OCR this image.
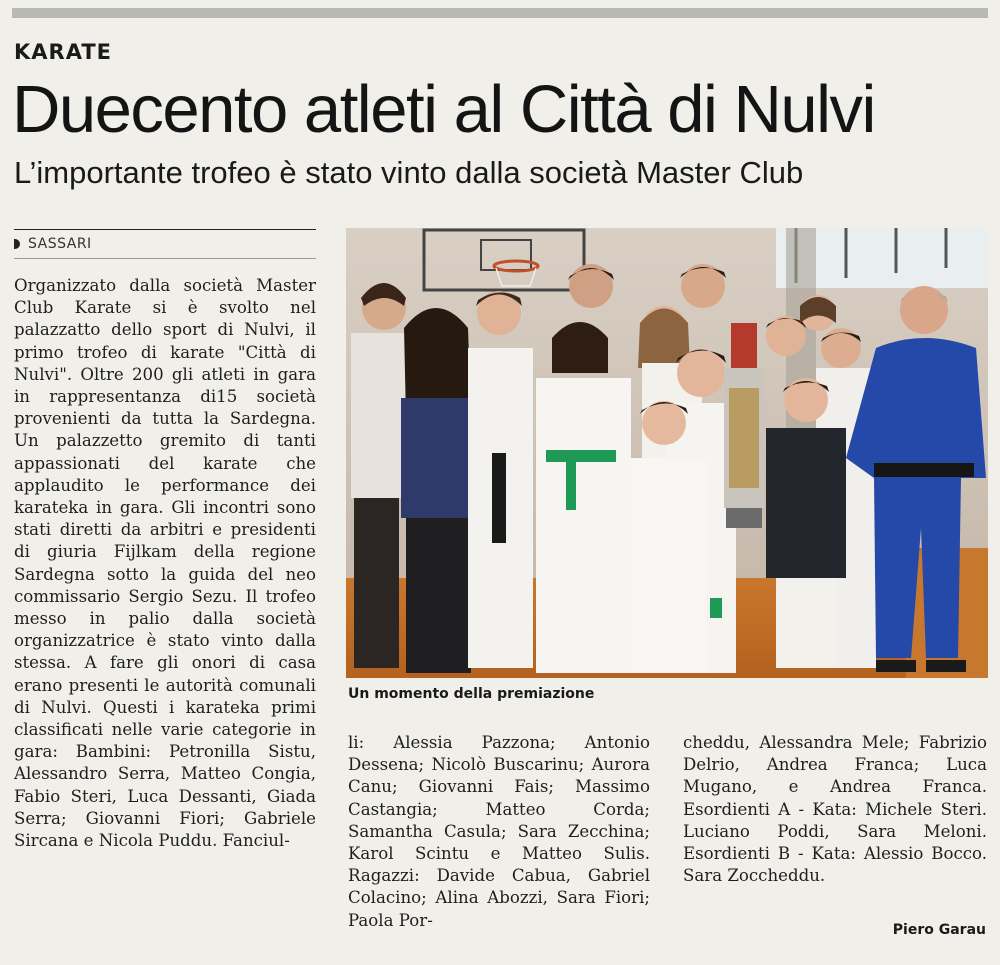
KARATE
Duecento atleti al Città di Nulvi
L’importante trofeo è stato vinto dalla società Master Club
SASSARI
Organizzato dalla società Master Club Karate si è svolto nel palazzatto dello sport di Nulvi, il primo trofeo di karate "Città di Nulvi". Oltre 200 gli atleti in gara in rappresentanza di15 società provenienti da tutta la Sardegna. Un palazzetto gremito di tanti appassionati del karate che applaudito le performance dei karateka in gara. Gli incontri sono stati diretti da arbitri e presidenti di giuria Fijlkam della regione Sardegna sotto la guida del neo commissario Sergio Sezu. Il trofeo messo in palio dalla società organizzatrice è stato vinto dalla stessa. A fare gli onori di casa erano presenti le autorità comunali di Nulvi. Questi i karateka primi classificati nelle varie categorie in gara: Bambini: Petronilla Sistu, Alessandro Serra, Matteo Congia, Fabio Steri, Luca Dessanti, Giada Serra; Giovanni Fiori; Gabriele Sircana e Nicola Puddu. Fanciul-
Un momento della premiazione
li: Alessia Pazzona; Antonio Dessena; Nicolò Buscarinu; Aurora Canu; Giovanni Fais; Massimo Castangia; Matteo Corda; Samantha Casula; Sara Zecchina; Karol Scintu e Matteo Sulis. Ragazzi: Davide Cabua, Gabriel Colacino; Alina Abozzi, Sara Fiori; Paola Por-
cheddu, Alessandra Mele; Fabrizio Delrio, Andrea Franca; Luca Mugano, e Andrea Franca. Esordienti A - Kata: Michele Steri. Luciano Poddi, Sara Meloni. Esordienti B - Kata: Alessio Bocco. Sara Zoccheddu.
Piero Garau
